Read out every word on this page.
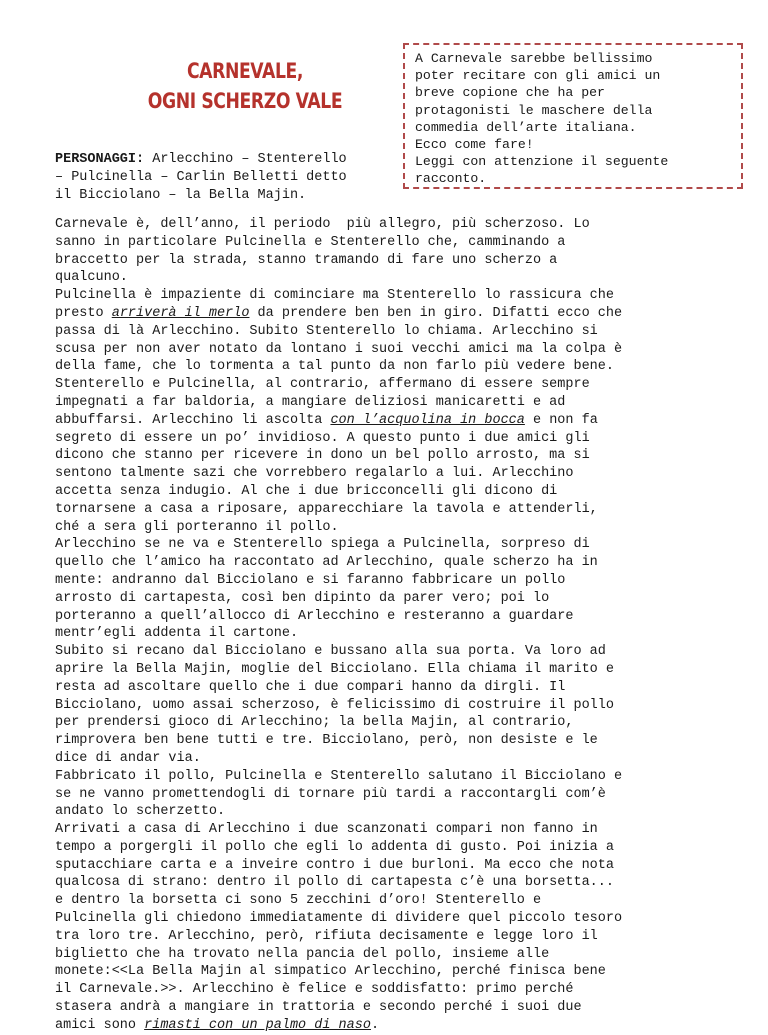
CARNEVALE,
OGNI SCHERZO VALE

A Carnevale sarebbe bellissimo

poter recitare con gli amici un

breve copione che ha per

protagonisti le maschere della

commedia dell’arte italiana.

Ecco come fare!

Leggi con attenzione il seguente

racconto.

PERSONAGGI: Arlecchino – Stenterello
– Pulcinella – Carlin Belletti detto
il Bicciolano – la Bella Majin.
Carnevale è, dell’anno, il periodo  più allegro, più scherzoso. Lo
sanno in particolare Pulcinella e Stenterello che, camminando a
braccetto per la strada, stanno tramando di fare uno scherzo a
qualcuno.
Pulcinella è impaziente di cominciare ma Stenterello lo rassicura che
presto arriverà il merlo da prendere ben ben in giro. Difatti ecco che
passa di là Arlecchino. Subito Stenterello lo chiama. Arlecchino si
scusa per non aver notato da lontano i suoi vecchi amici ma la colpa è
della fame, che lo tormenta a tal punto da non farlo più vedere bene.
Stenterello e Pulcinella, al contrario, affermano di essere sempre
impegnati a far baldoria, a mangiare deliziosi manicaretti e ad
abbuffarsi. Arlecchino li ascolta con l’acquolina in bocca e non fa
segreto di essere un po’ invidioso. A questo punto i due amici gli
dicono che stanno per ricevere in dono un bel pollo arrosto, ma si
sentono talmente sazi che vorrebbero regalarlo a lui. Arlecchino
accetta senza indugio. Al che i due bricconcelli gli dicono di
tornarsene a casa a riposare, apparecchiare la tavola e attenderli,
ché a sera gli porteranno il pollo.
Arlecchino se ne va e Stenterello spiega a Pulcinella, sorpreso di
quello che l’amico ha raccontato ad Arlecchino, quale scherzo ha in
mente: andranno dal Bicciolano e si faranno fabbricare un pollo
arrosto di cartapesta, così ben dipinto da parer vero; poi lo
porteranno a quell’allocco di Arlecchino e resteranno a guardare
mentr’egli addenta il cartone.
Subito si recano dal Bicciolano e bussano alla sua porta. Va loro ad
aprire la Bella Majin, moglie del Bicciolano. Ella chiama il marito e
resta ad ascoltare quello che i due compari hanno da dirgli. Il
Bicciolano, uomo assai scherzoso, è felicissimo di costruire il pollo
per prendersi gioco di Arlecchino; la bella Majin, al contrario,
rimprovera ben bene tutti e tre. Bicciolano, però, non desiste e le
dice di andar via.
Fabbricato il pollo, Pulcinella e Stenterello salutano il Bicciolano e
se ne vanno promettendogli di tornare più tardi a raccontargli com’è
andato lo scherzetto.
Arrivati a casa di Arlecchino i due scanzonati compari non fanno in
tempo a porgergli il pollo che egli lo addenta di gusto. Poi inizia a
sputacchiare carta e a inveire contro i due burloni. Ma ecco che nota
qualcosa di strano: dentro il pollo di cartapesta c’è una borsetta...
e dentro la borsetta ci sono 5 zecchini d’oro! Stenterello e
Pulcinella gli chiedono immediatamente di dividere quel piccolo tesoro
tra loro tre. Arlecchino, però, rifiuta decisamente e legge loro il
biglietto che ha trovato nella pancia del pollo, insieme alle
monete:<<La Bella Majin al simpatico Arlecchino, perché finisca bene
il Carnevale.>>. Arlecchino è felice e soddisfatto: primo perché
stasera andrà a mangiare in trattoria e secondo perché i suoi due
amici sono rimasti con un palmo di naso.
